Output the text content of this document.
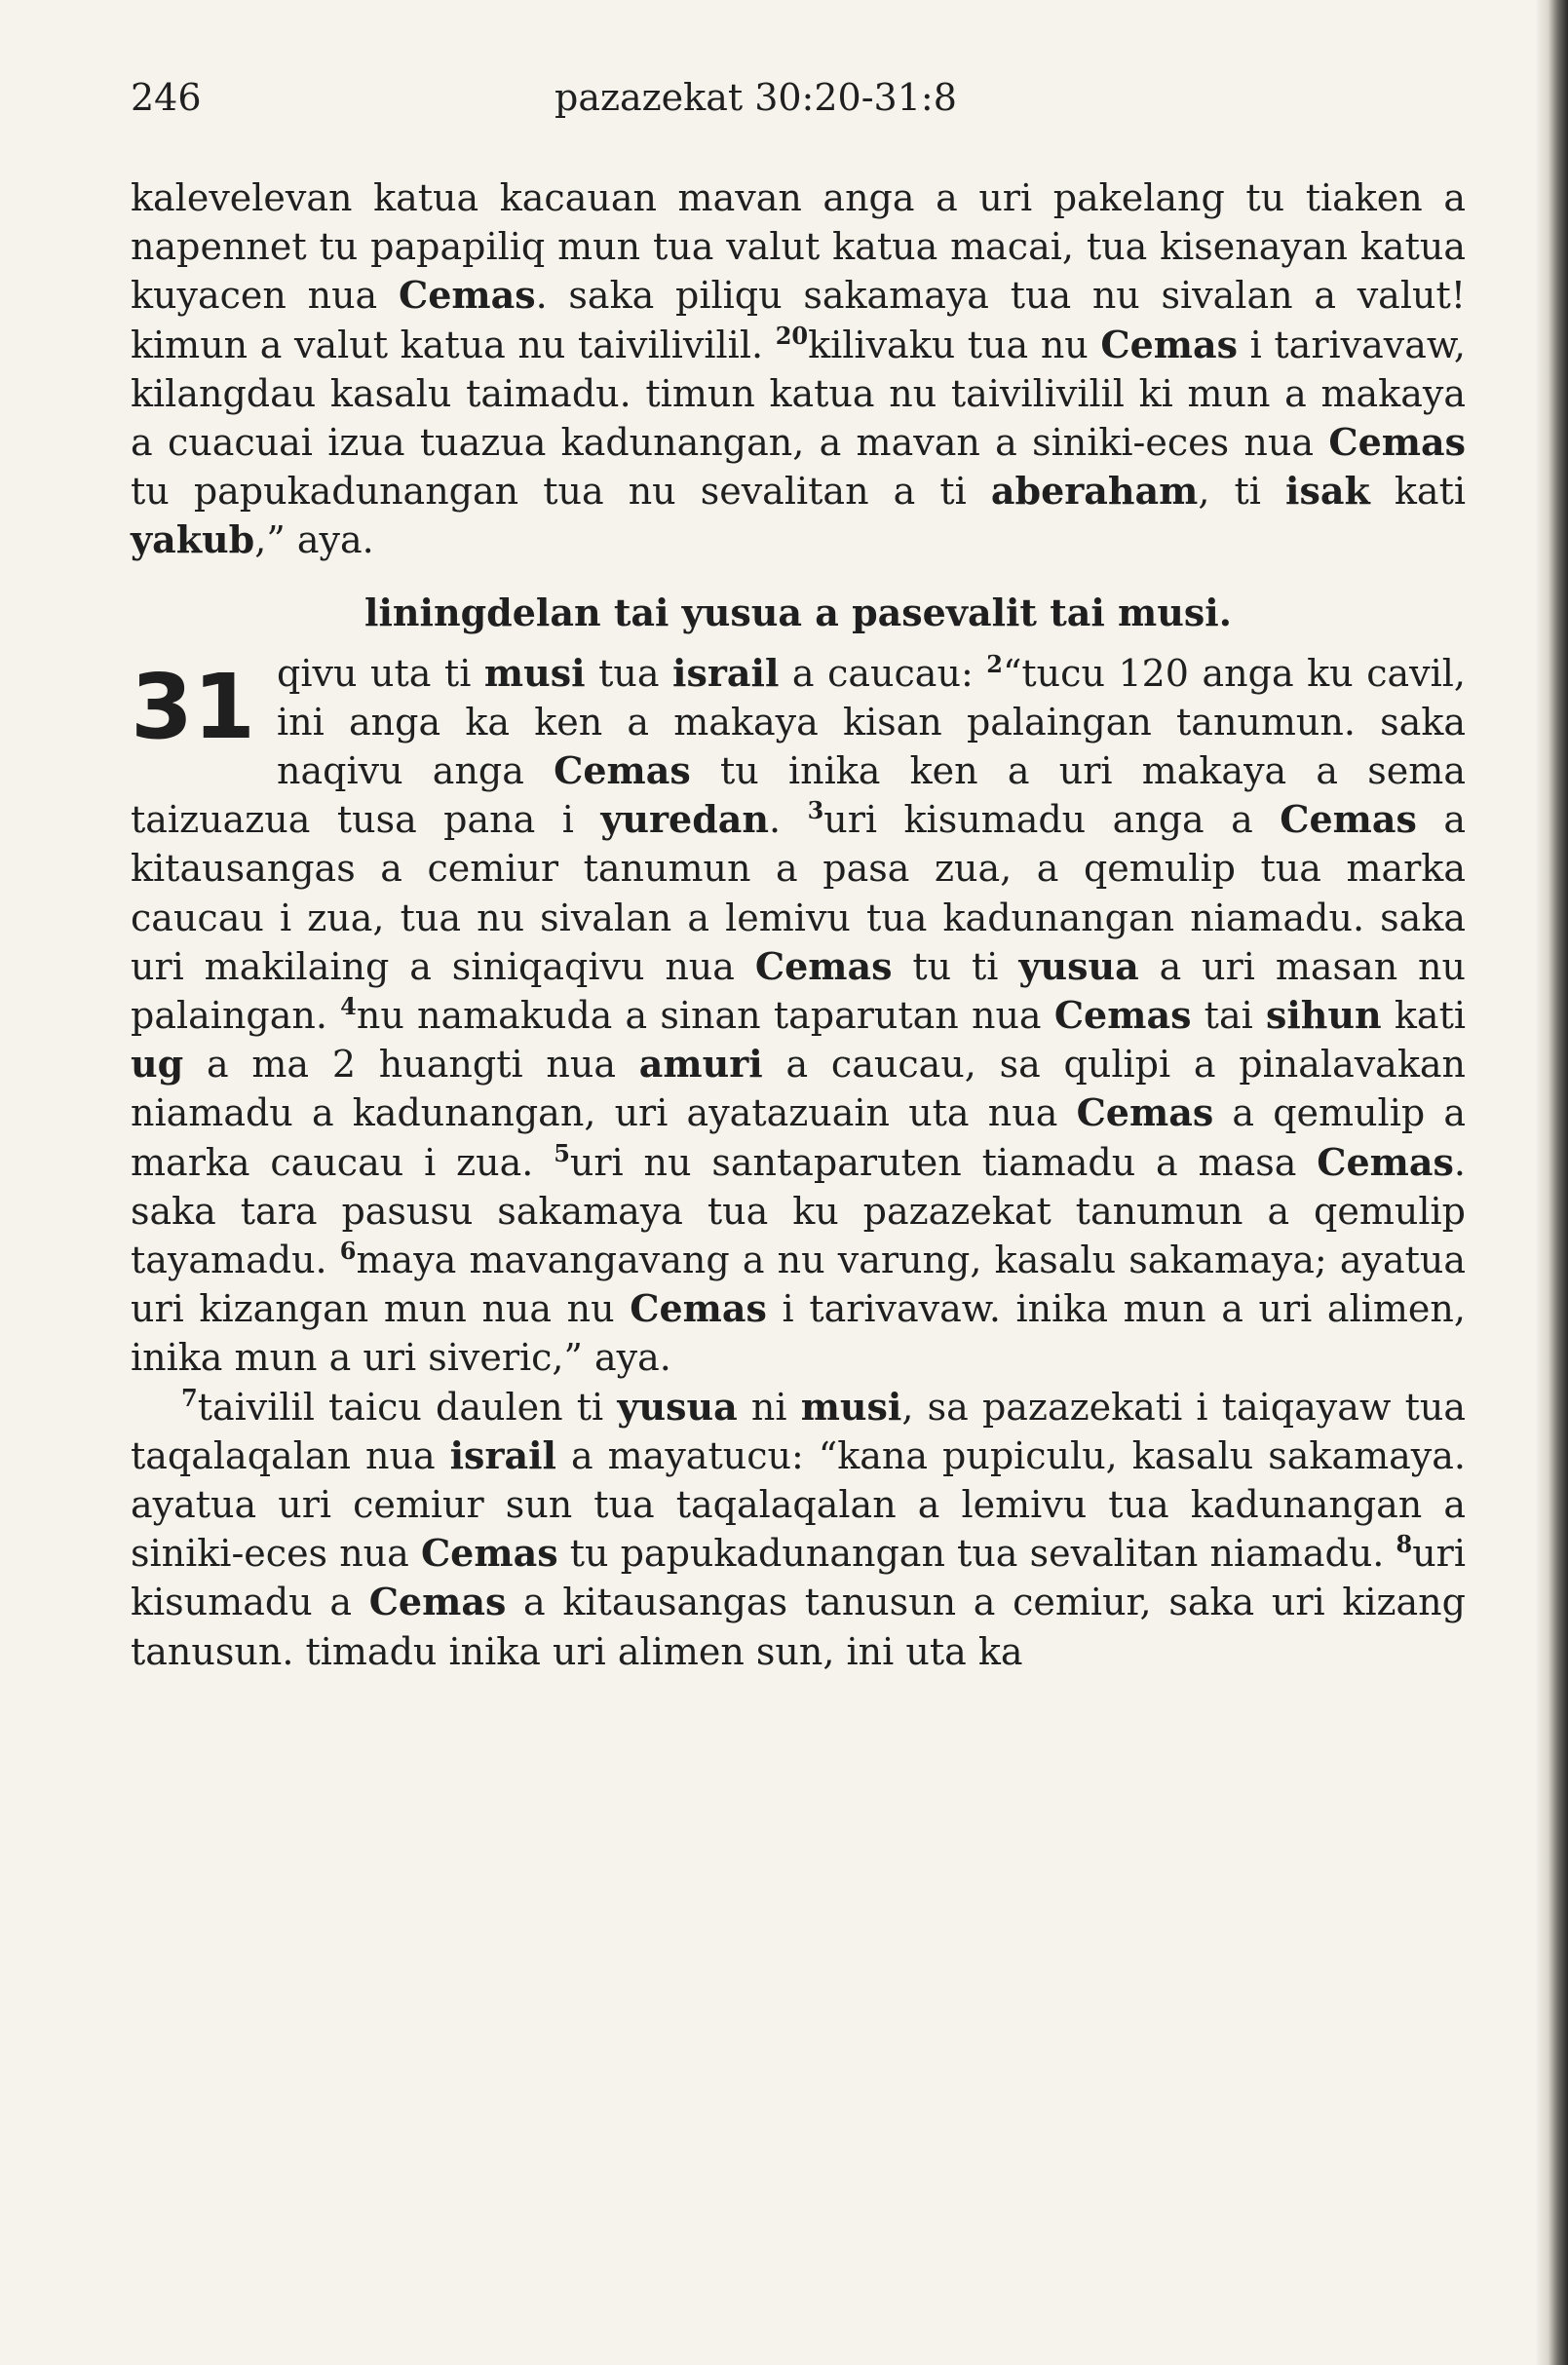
246	pazazekat 30:20-31:8

kalevelevan katua kacauan mavan anga a uri pakelang tu tiaken a napennet tu papapiliq mun tua valut katua macai, tua kisenayan katua kuyacen nua Cemas. saka piliqu sakamaya tua nu sivalan a valut! kimun a valut katua nu taivilivilil. $^{20}$kilivaku tua nu Cemas i tarivavaw, kilangdau kasalu taimadu. timun katua nu taivilivilil ki mun a makaya a cuacuai izua tuazua kadunangan, a mavan a siniki-eces nua Cemas tu papukadunangan tua nu sevalitan a ti aberaham, ti isak kati yakub,” aya.

liningdelan tai yusua a pasevalit tai musi.

31 qivu uta ti musi tua israil a caucau: $^2$“tucu 120 anga ku cavil, ini anga ka ken a makaya kisan palaingan tanumun. saka naqivu anga Cemas tu inika ken a uri makaya a sema taizuazua tusa pana i yuredan. $^3$uri kisumadu anga a Cemas a kitausangas a cemiur tanumun a pasa zua, a qemulip tua marka caucau i zua, tua nu sivalan a lemivu tua kadunangan niamadu. saka uri makilaing a siniqaqivu nua Cemas tu ti yusua a uri masan nu palaingan. $^4$nu namakuda a sinan taparutan nua Cemas tai sihun kati ug a ma 2 huangti nua amuri a caucau, sa qulipi a pinalavakan niamadu a kadunangan, uri ayatazuain uta nua Cemas a qemulip a marka caucau i zua. $^5$uri nu santaparuten tiamadu a masa Cemas. saka tara pasusu sakamaya tua ku pazazekat tanumun a qemulip tayamadu. $^6$maya mavangavang a nu varung, kasalu sakamaya; ayatua uri kizangan mun nua nu Cemas i tarivavaw. inika mun a uri alimen, inika mun a uri siveric,” aya.

$^7$taivilil taicu daulen ti yusua ni musi, sa pazazekati i taiqayaw tua taqalaqalan nua israil a mayatucu: “kana pupiculu, kasalu sakamaya. ayatua uri cemiur sun tua taqalaqalan a lemivu tua kadunangan a siniki-eces nua Cemas tu papukadunangan tua sevalitan niamadu. $^8$uri kisumadu a Cemas a kitausangas tanusun a cemiur, saka uri kizang tanusun. timadu inika uri alimen sun, ini uta ka
